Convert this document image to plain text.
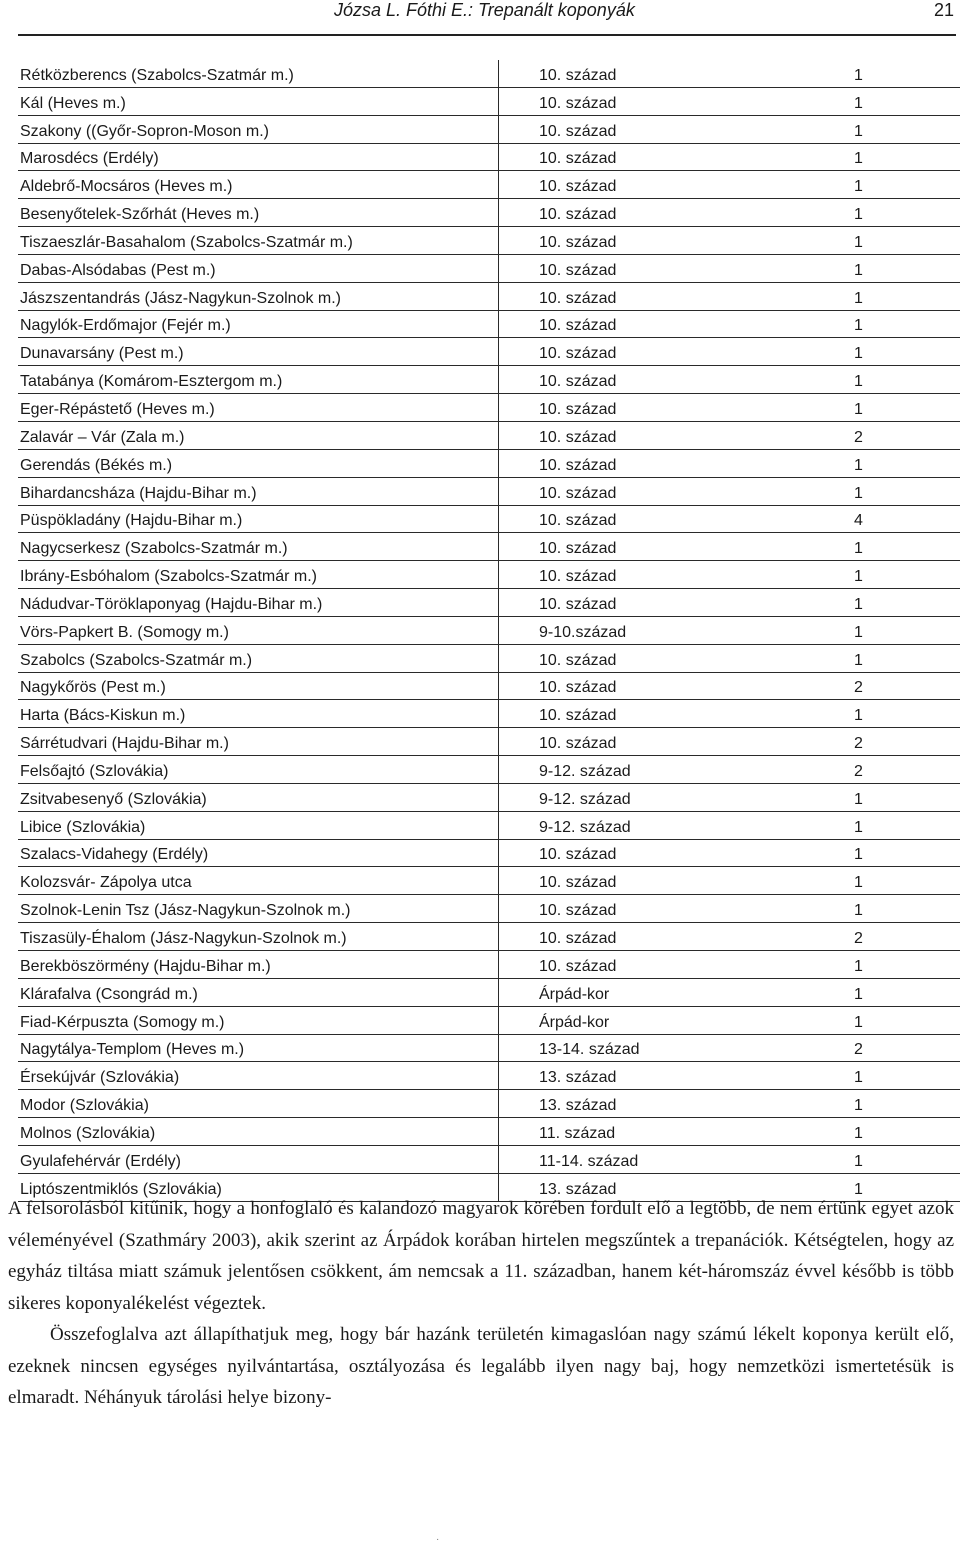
Józsa L. Fóthi E.: Trepanált koponyák	21
Rétközberencs (Szabolcs-Szatmár m.)	10. század	1
Kál (Heves m.)	10. század	1
Szakony ((Győr-Sopron-Moson m.)	10. század	1
Marosdécs (Erdély)	10. század	1
Aldebrő-Mocsáros (Heves m.)	10. század	1
Besenyőtelek-Szőrhát (Heves m.)	10. század	1
Tiszaeszlár-Basahalom (Szabolcs-Szatmár m.)	10. század	1
Dabas-Alsódabas (Pest m.)	10. század	1
Jászszentandrás (Jász-Nagykun-Szolnok m.)	10. század	1
Nagylók-Erdőmajor (Fejér m.)	10. század	1
Dunavarsány (Pest m.)	10. század	1
Tatabánya (Komárom-Esztergom m.)	10. század	1
Eger-Répástető (Heves m.)	10. század	1
Zalavár – Vár (Zala m.)	10. század	2
Gerendás (Békés m.)	10. század	1
Bihardancsháza (Hajdu-Bihar m.)	10. század	1
Püspökladány (Hajdu-Bihar m.)	10. század	4
Nagycserkesz (Szabolcs-Szatmár m.)	10. század	1
Ibrány-Esbóhalom (Szabolcs-Szatmár m.)	10. század	1
Nádudvar-Töröklaponyag (Hajdu-Bihar m.)	10. század	1
Vörs-Papkert B. (Somogy m.)	9-10.század	1
Szabolcs (Szabolcs-Szatmár m.)	10. század	1
Nagykőrös (Pest m.)	10. század	2
Harta (Bács-Kiskun m.)	10. század	1
Sárrétudvari (Hajdu-Bihar m.)	10. század	2
Felsőajtó (Szlovákia)	9-12. század	2
Zsitvabesenyő (Szlovákia)	9-12. század	1
Libice (Szlovákia)	9-12. század	1
Szalacs-Vidahegy (Erdély)	10. század	1
Kolozsvár- Zápolya utca	10. század	1
Szolnok-Lenin Tsz (Jász-Nagykun-Szolnok m.)	10. század	1
Tiszasüly-Éhalom (Jász-Nagykun-Szolnok m.)	10. század	2
Berekböszörmény (Hajdu-Bihar m.)	10. század	1
Klárafalva (Csongrád m.)	Árpád-kor	1
Fiad-Kérpuszta (Somogy m.)	Árpád-kor	1
Nagytálya-Templom (Heves m.)	13-14. század	2
Érsekújvár (Szlovákia)	13. század	1
Modor (Szlovákia)	13. század	1
Molnos (Szlovákia)	11. század	1
Gyulafehérvár (Erdély)	11-14. század	1
Liptószentmiklós (Szlovákia)	13. század	1

A felsorolásból kitűnik, hogy a honfoglaló és kalandozó magyarok körében fordult elő a legtöbb, de nem értünk egyet azok véleményével (Szathmáry 2003), akik szerint az Árpádok korában hirtelen megszűntek a trepanációk. Kétségtelen, hogy az egyház tiltása miatt számuk jelentősen csökkent, ám nemcsak a 11. században, hanem két-háromszáz évvel később is több sikeres koponyalékelést végeztek.

Összefoglalva azt állapíthatjuk meg, hogy bár hazánk területén kimagaslóan nagy számú lékelt koponya került elő, ezeknek nincsen egységes nyilvántartása, osztályozása és legalább ilyen nagy baj, hogy nemzetközi ismertetésük is elmaradt. Néhányuk tárolási helye bizony-

·
